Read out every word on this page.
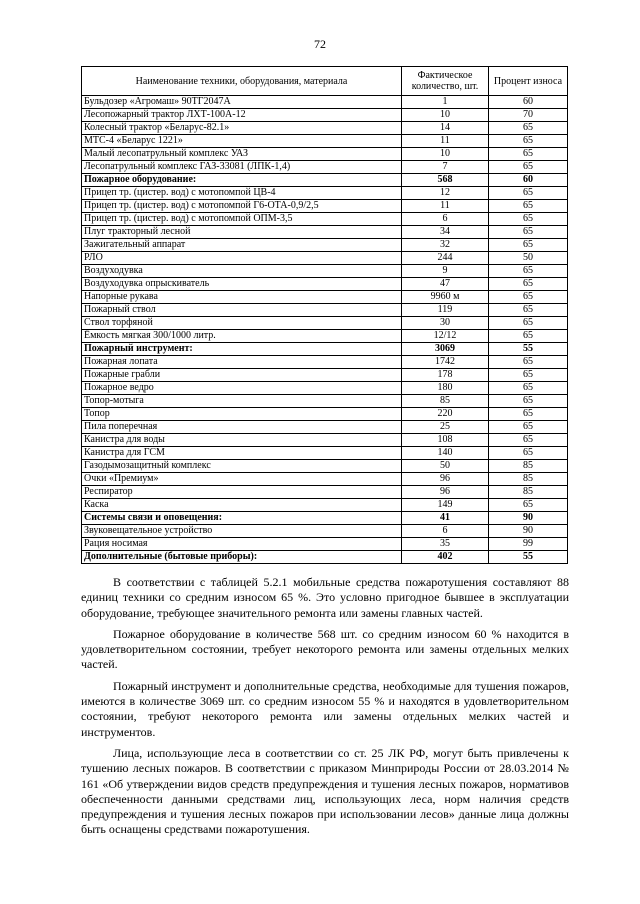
72
Наименование техники, оборудования, материала	Фактическое количество, шт.	Процент износа
Бульдозер «Агромаш» 90ТГ2047А	1	60
Лесопожарный трактор ЛХТ-100А-12	10	70
Колесный трактор «Беларус-82.1»	14	65
МТС-4 «Беларус 1221»	11	65
Малый лесопатрульный комплекс УАЗ	10	65
Лесопатрульный комплекс ГАЗ-33081 (ЛПК-1,4)	7	65
Пожарное оборудование:	568	60
Прицеп тр. (цистер. вод) с мотопомпой ЦВ-4	12	65
Прицеп тр. (цистер. вод) с мотопомпой Г6-ОТА-0,9/2,5	11	65
Прицеп тр. (цистер. вод) с мотопомпой ОПМ-3,5	6	65
Плуг тракторный лесной	34	65
Зажигательный аппарат	32	65
РЛО	244	50
Воздуходувка	9	65
Воздуходувка опрыскиватель	47	65
Напорные рукава	9960 м	65
Пожарный ствол	119	65
Ствол торфяной	30	65
Ёмкость мягкая 300/1000 литр.	12/12	65
Пожарный инструмент:	3069	55
Пожарная лопата	1742	65
Пожарные грабли	178	65
Пожарное ведро	180	65
Топор-мотыга	85	65
Топор	220	65
Пила поперечная	25	65
Канистра для воды	108	65
Канистра для ГСМ	140	65
Газодымозащитный комплекс	50	85
Очки «Премиум»	96	85
Респиратор	96	85
Каска	149	65
Системы связи и оповещения:	41	90
Звуковещательное устройство	6	90
Рация носимая	35	99
Дополнительные (бытовые приборы):	402	55

В соответствии с таблицей 5.2.1 мобильные средства пожаротушения составляют 88 единиц техники со средним износом 65 %. Это условно пригодное бывшее в эксплуатации оборудование, требующее значительного ремонта или замены главных частей.

Пожарное оборудование в количестве 568 шт. со средним износом 60 % находится в удовлетворительном состоянии, требует некоторого ремонта или замены отдельных мелких частей.

Пожарный инструмент и дополнительные средства, необходимые для тушения пожаров, имеются в количестве 3069 шт. со средним износом 55 % и находятся в удовлетворительном состоянии, требуют некоторого ремонта или замены отдельных мелких частей и инструментов.

Лица, использующие леса в соответствии со ст. 25 ЛК РФ, могут быть привлечены к тушению лесных пожаров. В соответствии с приказом Минприроды России от 28.03.2014 № 161 «Об утверждении видов средств предупреждения и тушения лесных пожаров, нормативов обеспеченности данными средствами лиц, использующих леса, норм наличия средств предупреждения и тушения лесных пожаров при использовании лесов» данные лица должны быть оснащены средствами пожаротушения.
